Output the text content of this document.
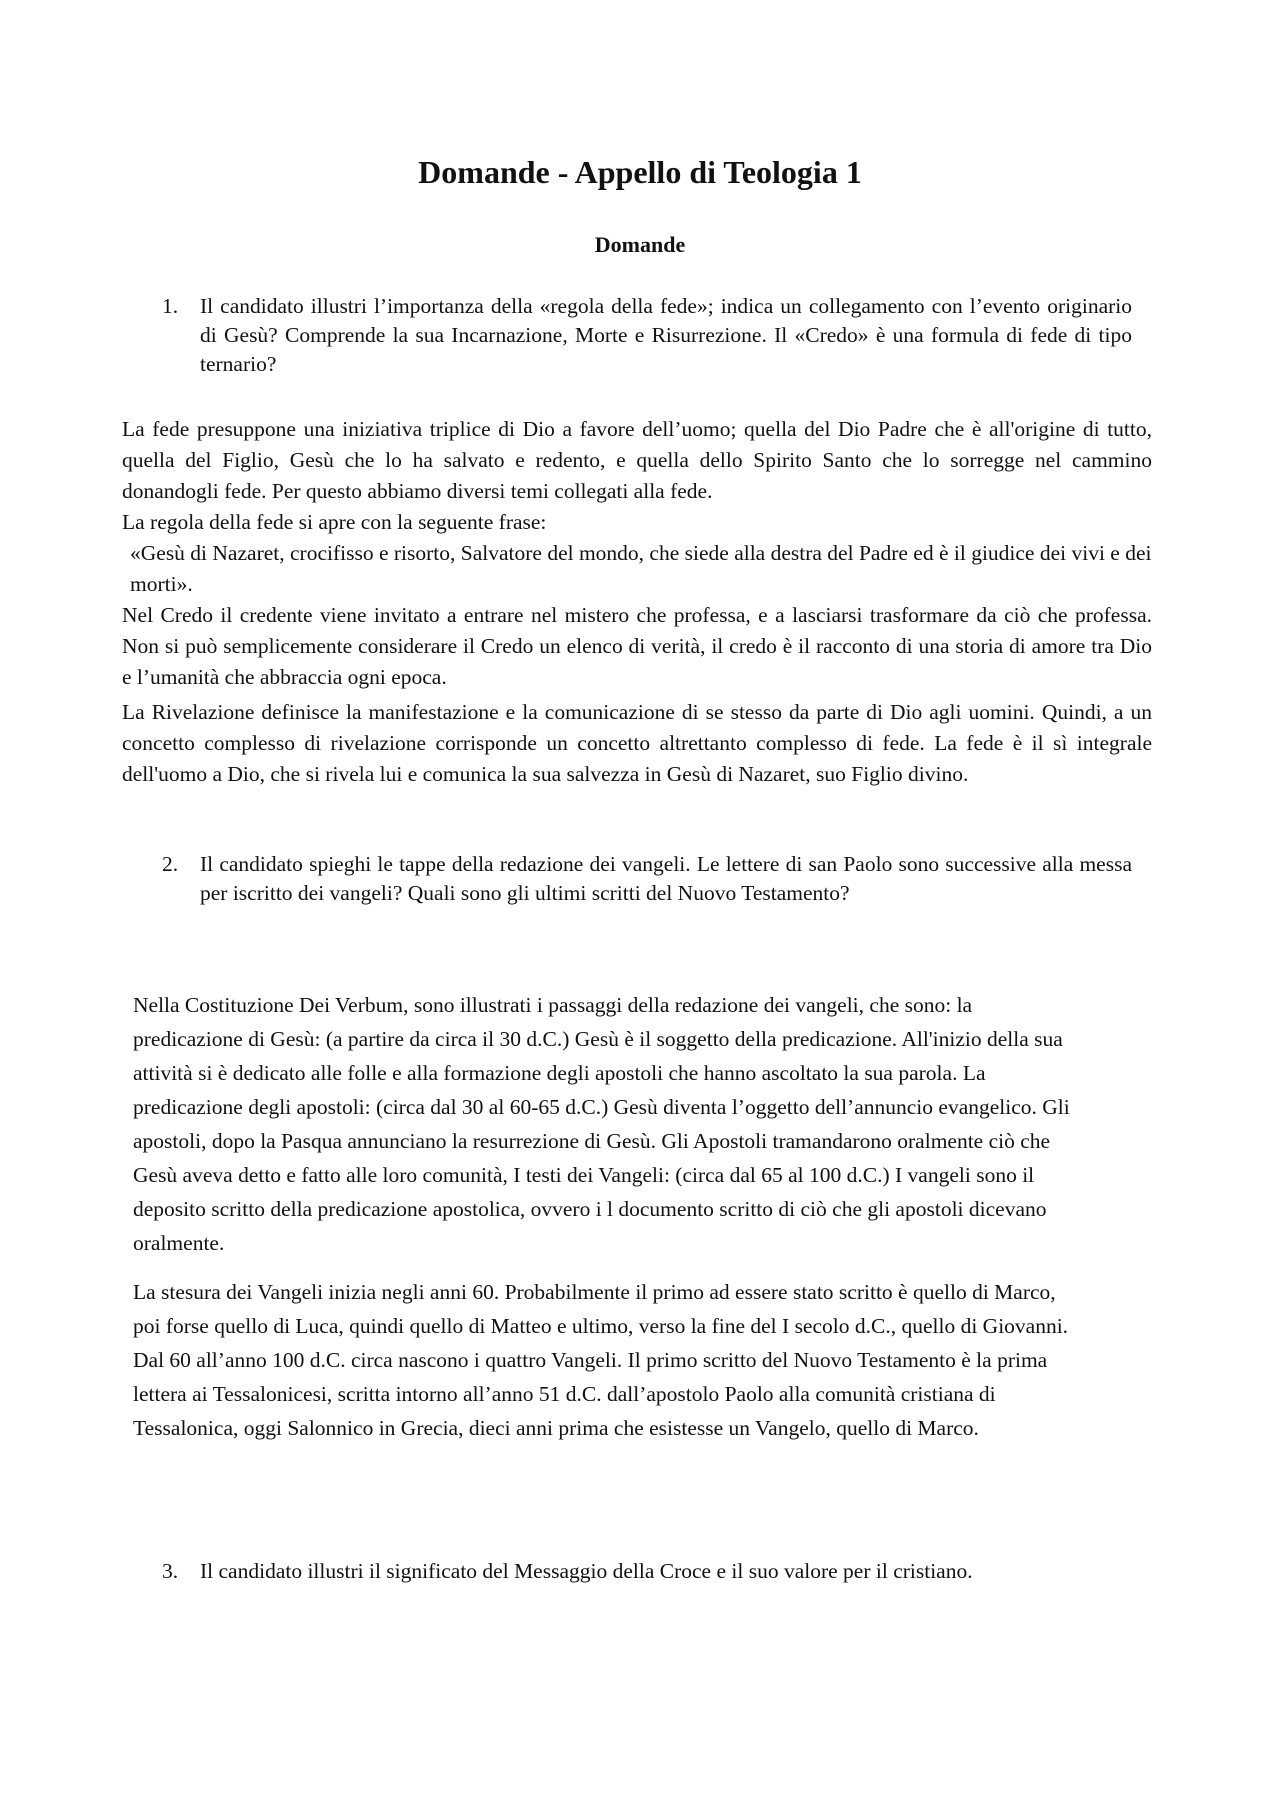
Domande - Appello di Teologia 1
Domande
1.	Il candidato illustri l’importanza della «regola della fede»; indica un collegamento con l’evento originario di Gesù? Comprende la sua Incarnazione, Morte e Risurrezione. Il «Credo» è una formula di fede di tipo ternario?

La fede presuppone una iniziativa triplice di Dio a favore dell’uomo; quella del Dio Padre che è all'origine di tutto, quella del Figlio, Gesù che lo ha salvato e redento, e quella dello Spirito Santo che lo sorregge nel cammino donandogli fede. Per questo abbiamo diversi temi collegati alla fede.

La regola della fede si apre con la seguente frase:

«Gesù di Nazaret, crocifisso e risorto, Salvatore del mondo, che siede alla destra del Padre ed è il giudice dei vivi e dei morti».

Nel Credo il credente viene invitato a entrare nel mistero che professa, e a lasciarsi trasformare da ciò che professa. Non si può semplicemente considerare il Credo un elenco di verità, il credo è il racconto di una storia di amore tra Dio e l’umanità che abbraccia ogni epoca.

La Rivelazione definisce la manifestazione e la comunicazione di se stesso da parte di Dio agli uomini. Quindi, a un concetto complesso di rivelazione corrisponde un concetto altrettanto complesso di fede. La fede è il sì integrale dell'uomo a Dio, che si rivela lui e comunica la sua salvezza in Gesù di Nazaret, suo Figlio divino.

2.	Il candidato spieghi le tappe della redazione dei vangeli. Le lettere di san Paolo sono successive alla messa per iscritto dei vangeli? Quali sono gli ultimi scritti del Nuovo Testamento?

Nella Costituzione Dei Verbum, sono illustrati i passaggi della redazione dei vangeli, che sono: la predicazione di Gesù: (a partire da circa il 30 d.C.) Gesù è il soggetto della predicazione. All'inizio della sua attività si è dedicato alle folle e alla formazione degli apostoli che hanno ascoltato la sua parola. La predicazione degli apostoli: (circa dal 30 al 60-65 d.C.) Gesù diventa l’oggetto dell’annuncio evangelico. Gli apostoli, dopo la Pasqua annunciano la resurrezione di Gesù. Gli Apostoli tramandarono oralmente ciò che Gesù aveva detto e fatto alle loro comunità, I testi dei Vangeli: (circa dal 65 al 100 d.C.) I vangeli sono il deposito scritto della predicazione apostolica, ovvero i l documento scritto di ciò che gli apostoli dicevano oralmente.

La stesura dei Vangeli inizia negli anni 60. Probabilmente il primo ad essere stato scritto è quello di Marco, poi forse quello di Luca, quindi quello di Matteo e ultimo, verso la fine del I secolo d.C., quello di Giovanni. Dal 60 all’anno 100 d.C. circa nascono i quattro Vangeli. Il primo scritto del Nuovo Testamento è la prima lettera ai Tessalonicesi, scritta intorno all’anno 51 d.C. dall’apostolo Paolo alla comunità cristiana di Tessalonica, oggi Salonnico in Grecia, dieci anni prima che esistesse un Vangelo, quello di Marco.

3.	Il candidato illustri il significato del Messaggio della Croce e il suo valore per il cristiano.
